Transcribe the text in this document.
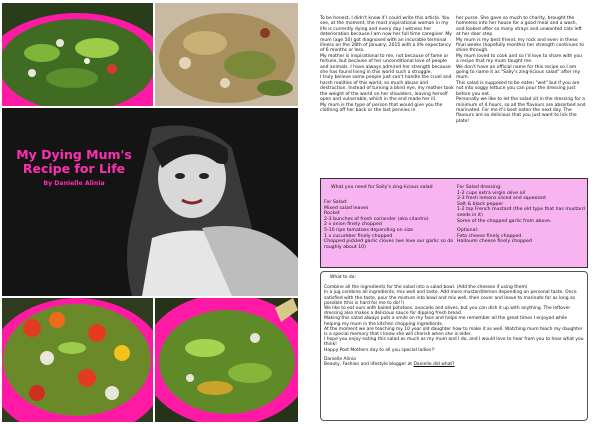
My Dying Mum's
Recipe for Life
By Danielle Alinia

To be honest, I didn't know if I could write this article. You see, at the moment, the most inspirational woman in my life is currently dying and every day I witness her deterioration because I am now her full time caregiver. My mum (age 50) got diagnosed with an incurable terminal illness on the 28th of January, 2015 with a life expectancy of 6 months or less.

My mother is inspirational to me, not because of fame or fortune, but because of her unconditional love of people and animals. I have always admired her strength because she has found living in this world such a struggle.

I truly believe some people just can't handle the cruel and harsh realities of this world, so much abuse and destruction. Instead of turning a blind eye, my mother took the weight of the world on her shoulders, leaving herself open and vulnerable, which in the end made her ill.

My mum is the type of person that would give you the clothing off her back or the last pennies in

her purse. She gave so much to charity, brought the homeless into her house for a good meal and a wash, and looked after so many strays and unwanted cats left at her door step.

My mum is my best friend, my rock and even in these final weeks (hopefully months) her strength continues to shine through.

My mum loved to cook and so I'd love to share with you a recipe that my mum taught me.

We don't have an official name for this recipe so I am going to name it as "Sally's zing-licious salad" after my mum.

This salad is supposed to be eaten "wet" but if you are not into soggy lettuce you can pour the dressing just before you eat.

Personally we like to let the salad sit in the dressing for a minimum of 4 hours, so all the flavours are absorbed and marinated. For me it's best eaten the next day. The flavours are so delicious that you just want to lick the plate!

What you need for Sally's zing-licious salad

For Salad:

Mixed salad leaves

Rocket

2-3 bunches of fresh coriander (aka cilantro)

2 x onion finely chopped

5-10 ripe tomatoes depending on size

1 x cucumber finely chopped

Chopped pickled garlic cloves (we love our garlic so do roughly about 10)

For Salad dressing:

1-2 cups extra virgin olive oil

2-3 fresh lemons sliced and squeezed

Salt & black pepper

1-2 tsp French mustard (the old type that has mustard seeds in it)

Some of the chopped garlic from above.

Optional:

Feta cheese finely chopped

Halloumi cheese finely chopped

What to do:

Combine all the ingredients for the salad into a salad bowl. (Add the cheeses if using them)

In a jug combine all ingredients, mix well and taste. Add more mustard/lemon depending on personal taste. Once satisfied with the taste, pour the mixture into bowl and mix well, then cover and leave to marinate for as long as possible (this is hard for me to do!!)

We like to eat ours with boiled potatoes, avocado and olives, but you can dish it up with anything. The leftover dressing also makes a delicious sauce for dipping fresh bread.

Making this salad always puts a smile on my face and helps me remember all the great times I enjoyed while helping my mum in the kitchen chopping ingredients.

At the moment we are teaching my 10 year old daughter how to make it as well. Watching mum teach my daughter is a special memory that I know she will cherish when she is older.

I hope you enjoy eating this salad as much as my mum and I do, and I would love to hear from you to hear what you think!

Happy Post Mothers day to all you special ladies!!

Danielle Alinia

Beauty, Fashion and lifestyle blogger at Danielle did what?
